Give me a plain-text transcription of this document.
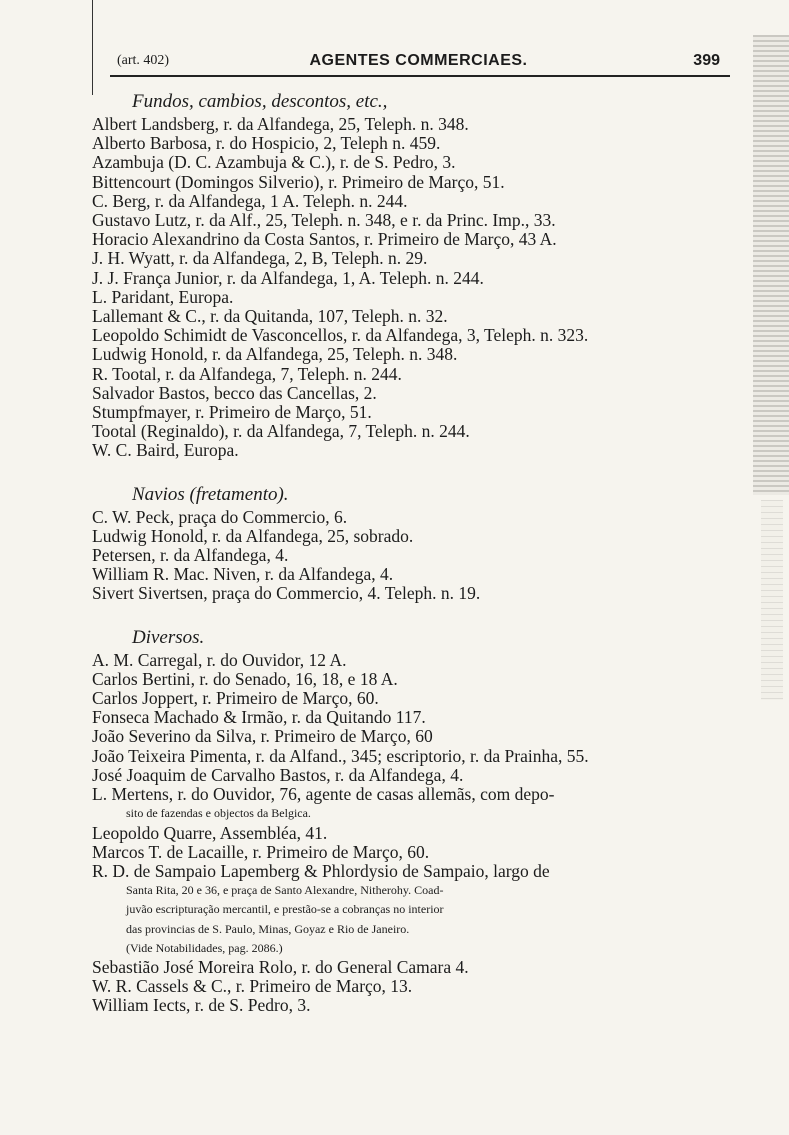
(art. 402)	AGENTES COMMERCIAES.	399
Fundos, cambios, descontos, etc.,
Albert Landsberg, r. da Alfandega, 25, Teleph. n. 348.
Alberto Barbosa, r. do Hospicio, 2, Teleph n. 459.
Azambuja (D. C. Azambuja & C.), r. de S. Pedro, 3.
Bittencourt (Domingos Silverio), r. Primeiro de Março, 51.
C. Berg, r. da Alfandega, 1 A. Teleph. n. 244.
Gustavo Lutz, r. da Alf., 25, Teleph. n. 348, e r. da Princ. Imp., 33.
Horacio Alexandrino da Costa Santos, r. Primeiro de Março, 43 A.
J. H. Wyatt, r. da Alfandega, 2, B, Teleph. n. 29.
J. J. França Junior, r. da Alfandega, 1, A. Teleph. n. 244.
L. Paridant, Europa.
Lallemant & C., r. da Quitanda, 107, Teleph. n. 32.
Leopoldo Schimidt de Vasconcellos, r. da Alfandega, 3, Teleph. n. 323.
Ludwig Honold, r. da Alfandega, 25, Teleph. n. 348.
R. Tootal, r. da Alfandega, 7, Teleph. n. 244.
Salvador Bastos, becco das Cancellas, 2.
Stumpfmayer, r. Primeiro de Março, 51.
Tootal (Reginaldo), r. da Alfandega, 7, Teleph. n. 244.
W. C. Baird, Europa.
Navios (fretamento).
C. W. Peck, praça do Commercio, 6.
Ludwig Honold, r. da Alfandega, 25, sobrado.
Petersen, r. da Alfandega, 4.
William R. Mac. Niven, r. da Alfandega, 4.
Sivert Sivertsen, praça do Commercio, 4. Teleph. n. 19.
Diversos.
A. M. Carregal, r. do Ouvidor, 12 A.
Carlos Bertini, r. do Senado, 16, 18, e 18 A.
Carlos Joppert, r. Primeiro de Março, 60.
Fonseca Machado & Irmão, r. da Quitando 117.
João Severino da Silva, r. Primeiro de Março, 60
João Teixeira Pimenta, r. da Alfand., 345; escriptorio, r. da Prainha, 55.
José Joaquim de Carvalho Bastos, r. da Alfandega, 4.
L. Mertens, r. do Ouvidor, 76, agente de casas allemãs, com depo-
sito de fazendas e objectos da Belgica.
Leopoldo Quarre, Assembléa, 41.
Marcos T. de Lacaille, r. Primeiro de Março, 60.
R. D. de Sampaio Lapemberg & Phlordysio de Sampaio, largo de
Santa Rita, 20 e 36, e praça de Santo Alexandre, Nitherohy. Coad-
juvão escripturação mercantil, e prestão-se a cobranças no interior
das provincias de S. Paulo, Minas, Goyaz e Rio de Janeiro.
(Vide Notabilidades, pag. 2086.)
Sebastião José Moreira Rolo, r. do General Camara 4.
W. R. Cassels & C., r. Primeiro de Março, 13.
William Iects, r. de S. Pedro, 3.
